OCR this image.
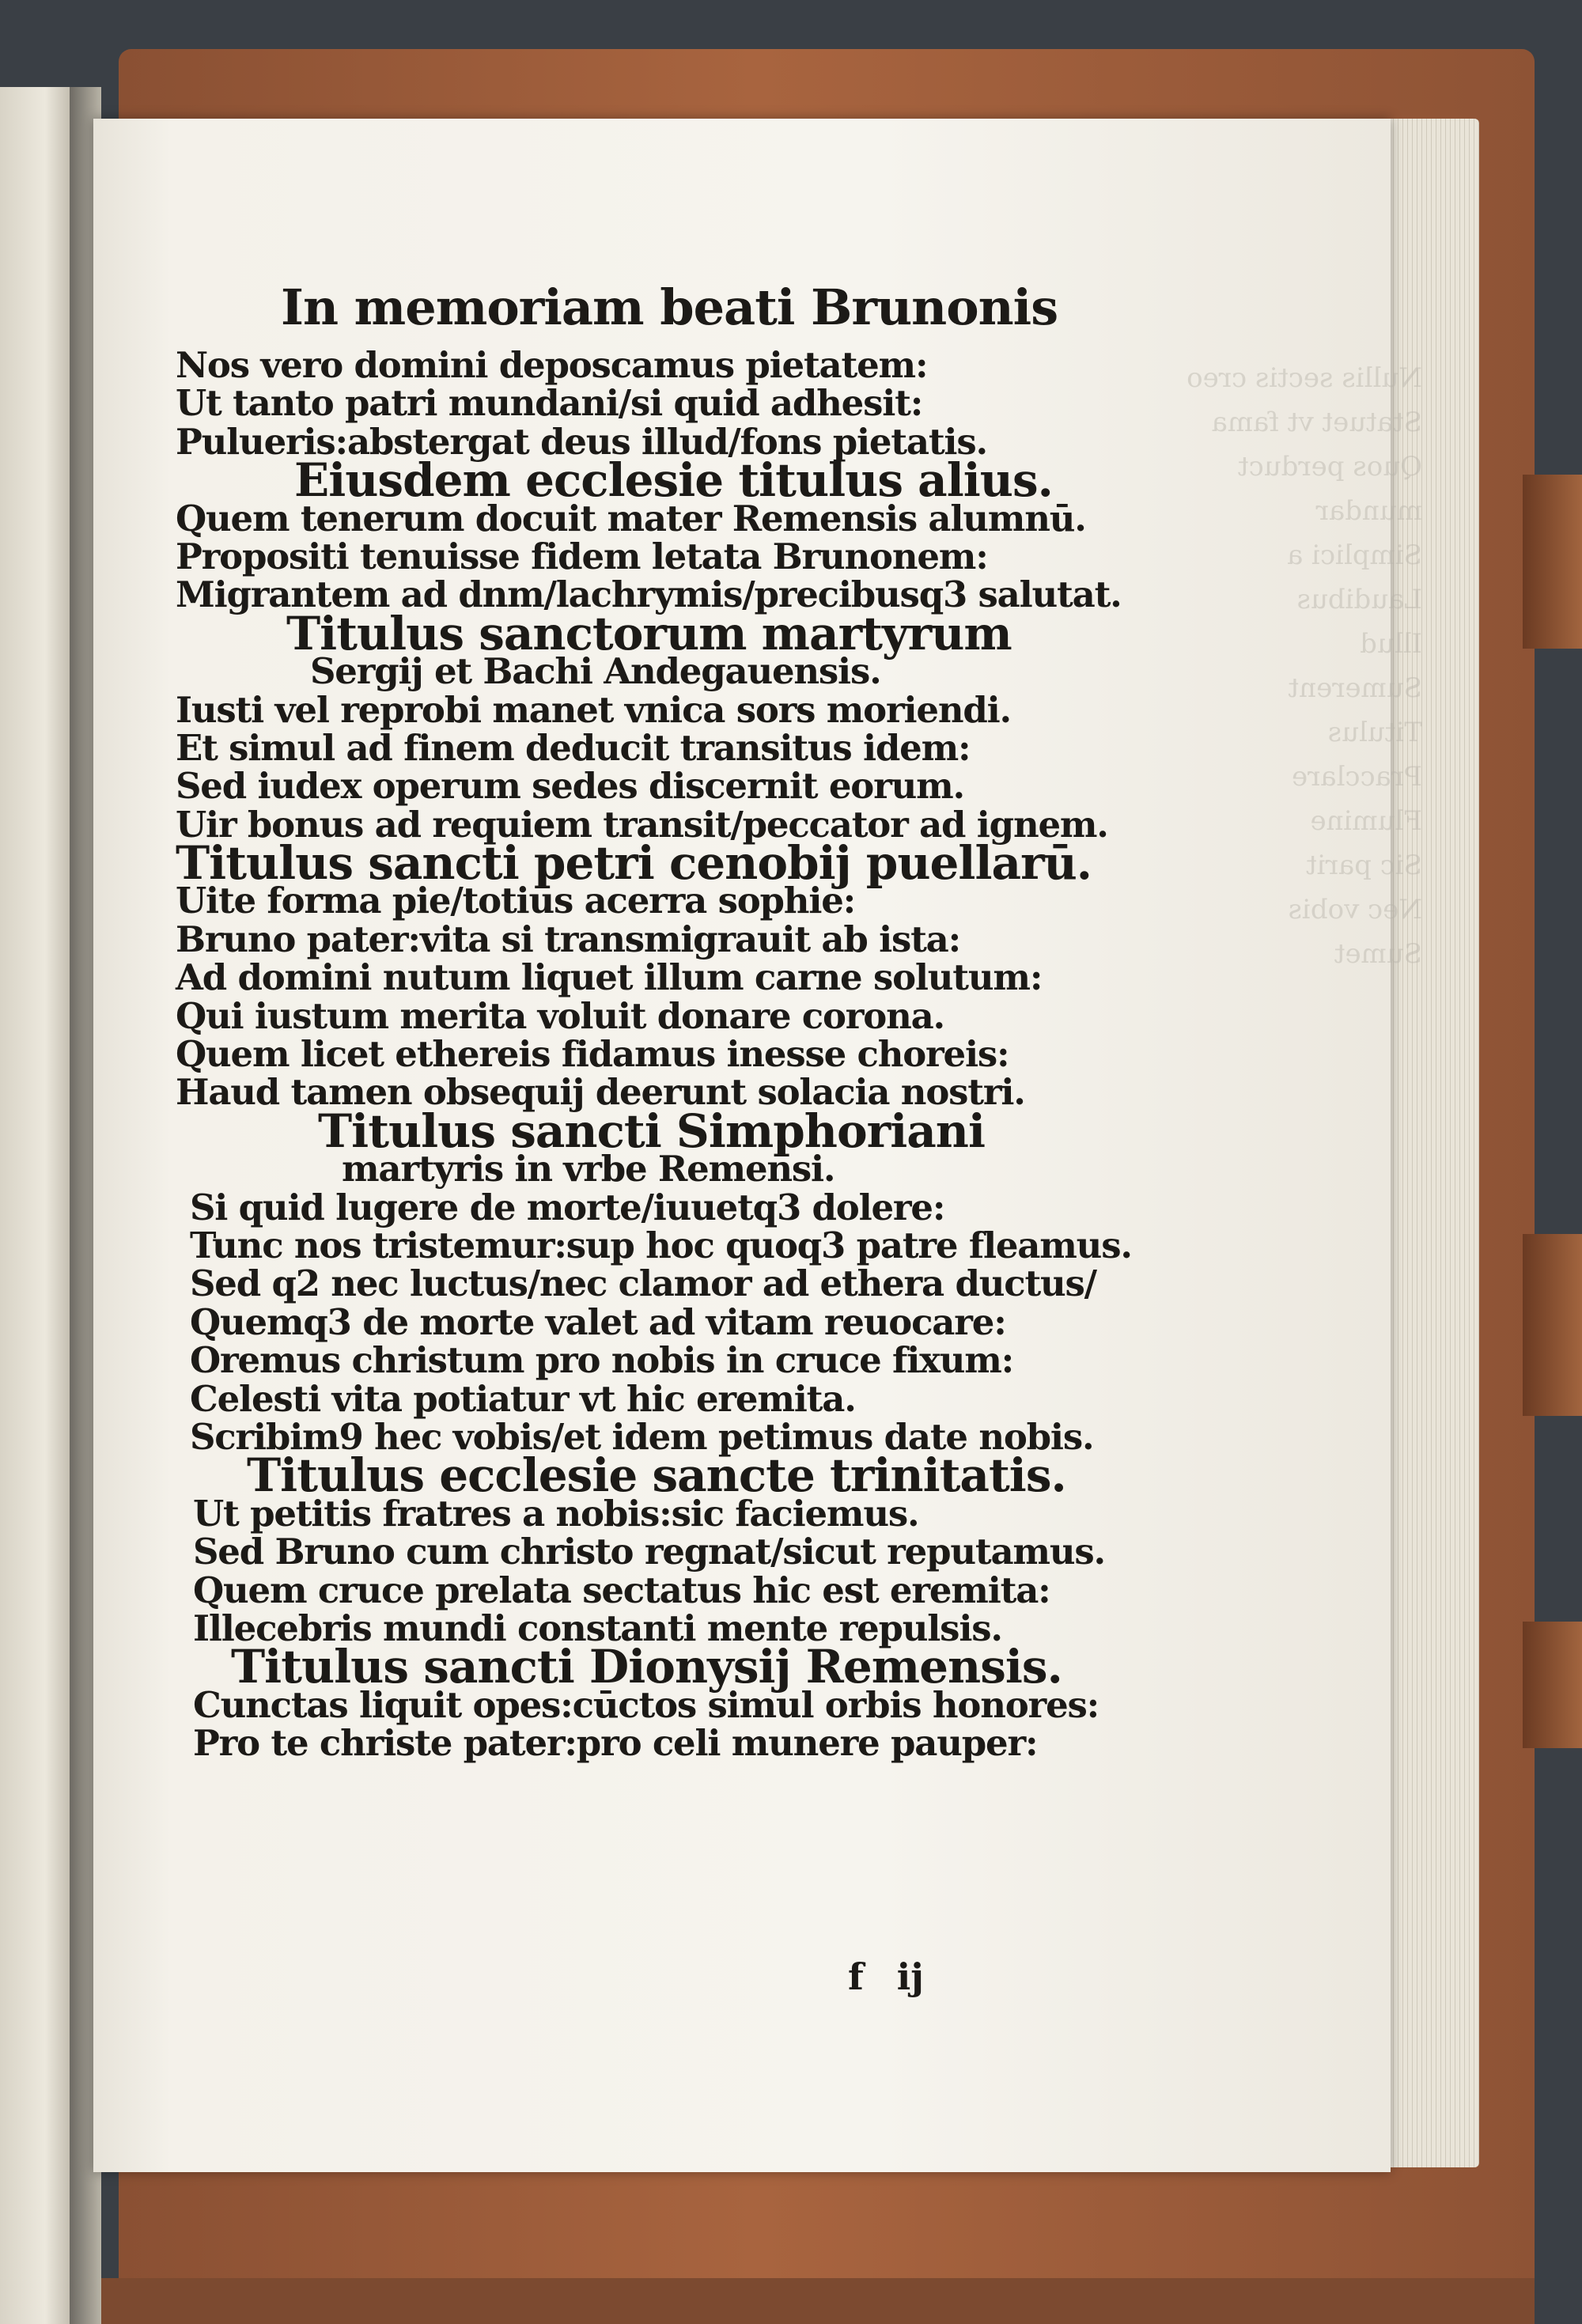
Nullis sectis creo
Statuet vt fama
Quos perduct
mundar
Simplici a
Laudibus
Illud
Sumerent
Titulus
Pracclare
Flumine
Sic parit
Nec vobis
Sumet
In memoriam beati Brunonis
Nos vero domini deposcamus pietatem:
Ut tanto patri mundani/si quid adhesit:
Pulueris:abstergat deus illud/fons pietatis.
Eiusdem ecclesie titulus alius.
Quem tenerum docuit mater Remensis alumnū.
Propositi tenuisse fidem letata Brunonem:
Migrantem ad dnm/lachrymis/precibusq3 salutat.
Titulus sanctorum martyrum
Sergij et Bachi Andegauensis.
Iusti vel reprobi manet vnica sors moriendi.
Et simul ad finem deducit transitus idem:
Sed iudex operum sedes discernit eorum.
Uir bonus ad requiem transit/peccator ad ignem.
Titulus sancti petri cenobij puellarū.
Uite forma pie/totius acerra sophie:
Bruno pater:vita si transmigrauit ab ista:
Ad domini nutum liquet illum carne solutum:
Qui iustum merita voluit donare corona.
Quem licet ethereis fidamus inesse choreis:
Haud tamen obsequij deerunt solacia nostri.
Titulus sancti Simphoriani
martyris in vrbe Remensi.
Si quid lugere de morte/iuuetq3 dolere:
Tunc nos tristemur:sup hoc quoq3 patre fleamus.
Sed q2 nec luctus/nec clamor ad ethera ductus/
Quemq3 de morte valet ad vitam reuocare:
Oremus christum pro nobis in cruce fixum:
Celesti vita potiatur vt hic eremita.
Scribim9 hec vobis/et idem petimus date nobis.
Titulus ecclesie sancte trinitatis.
Ut petitis fratres a nobis:sic faciemus.
Sed Bruno cum christo regnat/sicut reputamus.
Quem cruce prelata sectatus hic est eremita:
Illecebris mundi constanti mente repulsis.
Titulus sancti Dionysij Remensis.
Cunctas liquit opes:cūctos simul orbis honores:
Pro te christe pater:pro celi munere pauper:
f ij
